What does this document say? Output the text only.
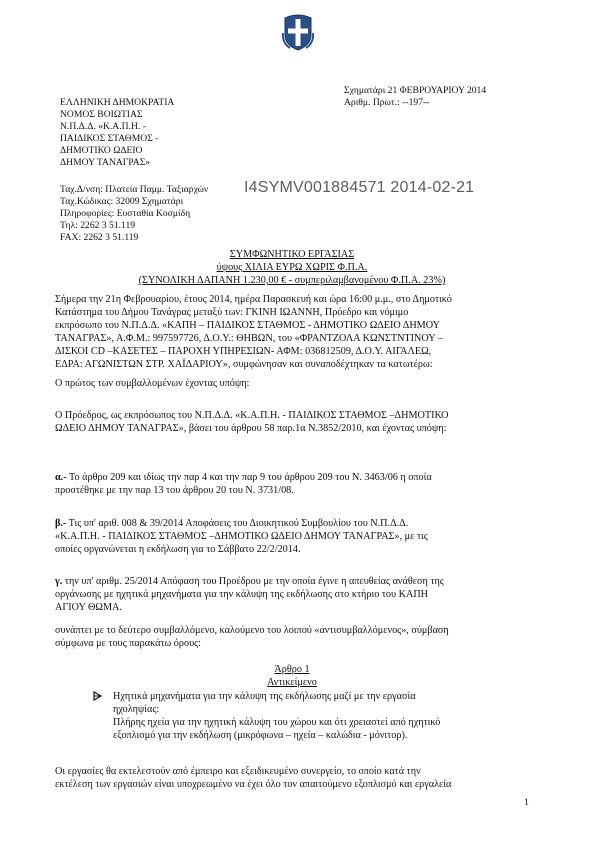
Σχηματάρι 21 ΦΕΒΡΟΥΑΡΙΟΥ 2014
Αριθμ. Πρωτ.: --197--
ΕΛΛΗΝΙΚΗ ΔΗΜΟΚΡΑΤΙΑ
ΝΟΜΟΣ ΒΟΙΩΤΙΑΣ
Ν.Π.Δ.Δ. «Κ.Α.Π.Η. -
ΠΑΙΔΙΚΟΣ ΣΤΑΘΜΟΣ -
ΔΗΜΟΤΙΚΟ ΩΔΕΙΟ
ΔΗΜΟΥ ΤΑΝΑΓΡΑΣ»
Ταχ.Δ/νση: Πλατεία Παμμ. Ταξιαρχών
Ταχ.Κώδικας: 32009 Σχηματάρι
Πληροφορίες: Ευσταθία Κοσμίδη
Τηλ: 2262 3 51.119
FAX: 2262 3 51.119
Ι4SYMV001884571 2014-02-21
ΣΥΜΦΩΝΗΤΙΚΟ ΕΡΓΑΣΙΑΣ
ύψους ΧΙΛΙΑ ΕΥΡΩ ΧΩΡΙΣ Φ.Π.Α.
(ΣΥΝΟΛΙΚΗ ΔΑΠΑΝΗ 1.230,00 € - συμπεριλαμβανομένου Φ.Π.Α. 23%)
Σήμερα την 21η Φεβρουαρίου, έτους 2014, ημέρα Παρασκευή και ώρα 16:00 μ.μ., στο Δημοτικό
Κατάστημα του Δήμου Τανάγρας μεταξύ των: ΓΚΙΝΗ ΙΩΑΝΝΗ, Πρόεδρο και νόμιμο
εκπρόσωπο του Ν.Π.Δ.Δ. «ΚΑΠΗ – ΠΑΙΔΙΚΟΣ ΣΤΑΘΜΟΣ - ΔΗΜΟΤΙΚΟ ΩΔΕΙΟ ΔΗΜΟΥ
ΤΑΝΑΓΡΑΣ», Α.Φ.Μ.: 997597726, Δ.Ο.Υ.: ΘΗΒΩΝ, του «ΦΡΑΝΤΖΟΛΑ ΚΩΝΣΤΝΤΙΝΟΥ –
ΔΙΣΚΟΙ CD –ΚΑΣΕΤΕΣ – ΠΑΡΟΧΗ ΥΠΗΡΕΣΙΩΝ- ΑΦΜ: 036812509, Δ.Ο.Υ. ΑΙΓΑΛΕΩ,
ΕΔΡΑ: ΑΓΩΝΙΣΤΩΝ ΣΤΡ. ΧΑΪΔΑΡΙΟΥ», συμφώνησαν και συναποδέχτηκαν τα κατωτέρω:
Ο πρώτος των συμβαλλομένων έχοντας υπόψη:
Ο Πρόεδρος, ως εκπρόσωπος του Ν.Π.Δ.Δ. «Κ.Α.Π.Η. - ΠΑΙΔΙΚΟΣ ΣΤΑΘΜΟΣ –ΔΗΜΟΤΙΚΟ
ΩΔΕΙΟ ΔΗΜΟΥ ΤΑΝΑΓΡΑΣ», βάσει του άρθρου 58 παρ.1α Ν.3852/2010, και έχοντας υπόψη:
α.- Το άρθρο 209 και ιδίως την παρ 4 και την παρ 9 του άρθρου 209 του Ν. 3463/06 η οποία
προστέθηκε με την παρ 13 του άρθρου 20 του Ν. 3731/08.
β.- Τις υπ' αριθ. 008 & 39/2014 Αποφάσεις του Διοικητικού Συμβουλίου του Ν.Π.Δ.Δ.
«Κ.Α.Π.Η. - ΠΑΙΔΙΚΟΣ ΣΤΑΘΜΟΣ –ΔΗΜΟΤΙΚΟ ΩΔΕΙΟ ΔΗΜΟΥ ΤΑΝΑΓΡΑΣ», με τις
οποίες οργανώνεται η εκδήλωση για το Σάββατο 22/2/2014.
γ. την υπ' αριθμ. 25/2014 Απόφαση του Προέδρου με την οποία έγινε η απευθείας ανάθεση της
οργάνωσης με ηχητικά μηχανήματα για την κάλυψη της εκδήλωσης στο κτήριο του ΚΑΠΗ
ΑΓΙΟΥ ΘΩΜΑ.
συνάπτει με το δεύτερο συμβαλλόμενο, καλούμενο του λοιπού «αντισυμβαλλόμενος», σύμβαση
σύμφωνα με τους παρακάτω όρους:
Άρθρο 1
Αντικείμενο
Ηχητικά μηχανήματα για την κάλυψη της εκδήλωσης μαζί με την εργασία
ηχοληψίας:
Πλήρης ηχεία για την ηχητική κάλυψη του χώρου και ότι χρειαστεί από ηχητικό
εξοπλισμό για την εκδήλωση (μικρόφωνα – ηχεία – καλώδια - μόνιτορ).
Οι εργασίες θα εκτελεστούν από έμπειρο και εξειδικευμένο συνεργείο, το οποίο κατά την
εκτέλεση των εργασιών είναι υποχρεωμένο να έχει όλο τον απαιτούμενο εξοπλισμό και εργαλεία
1
